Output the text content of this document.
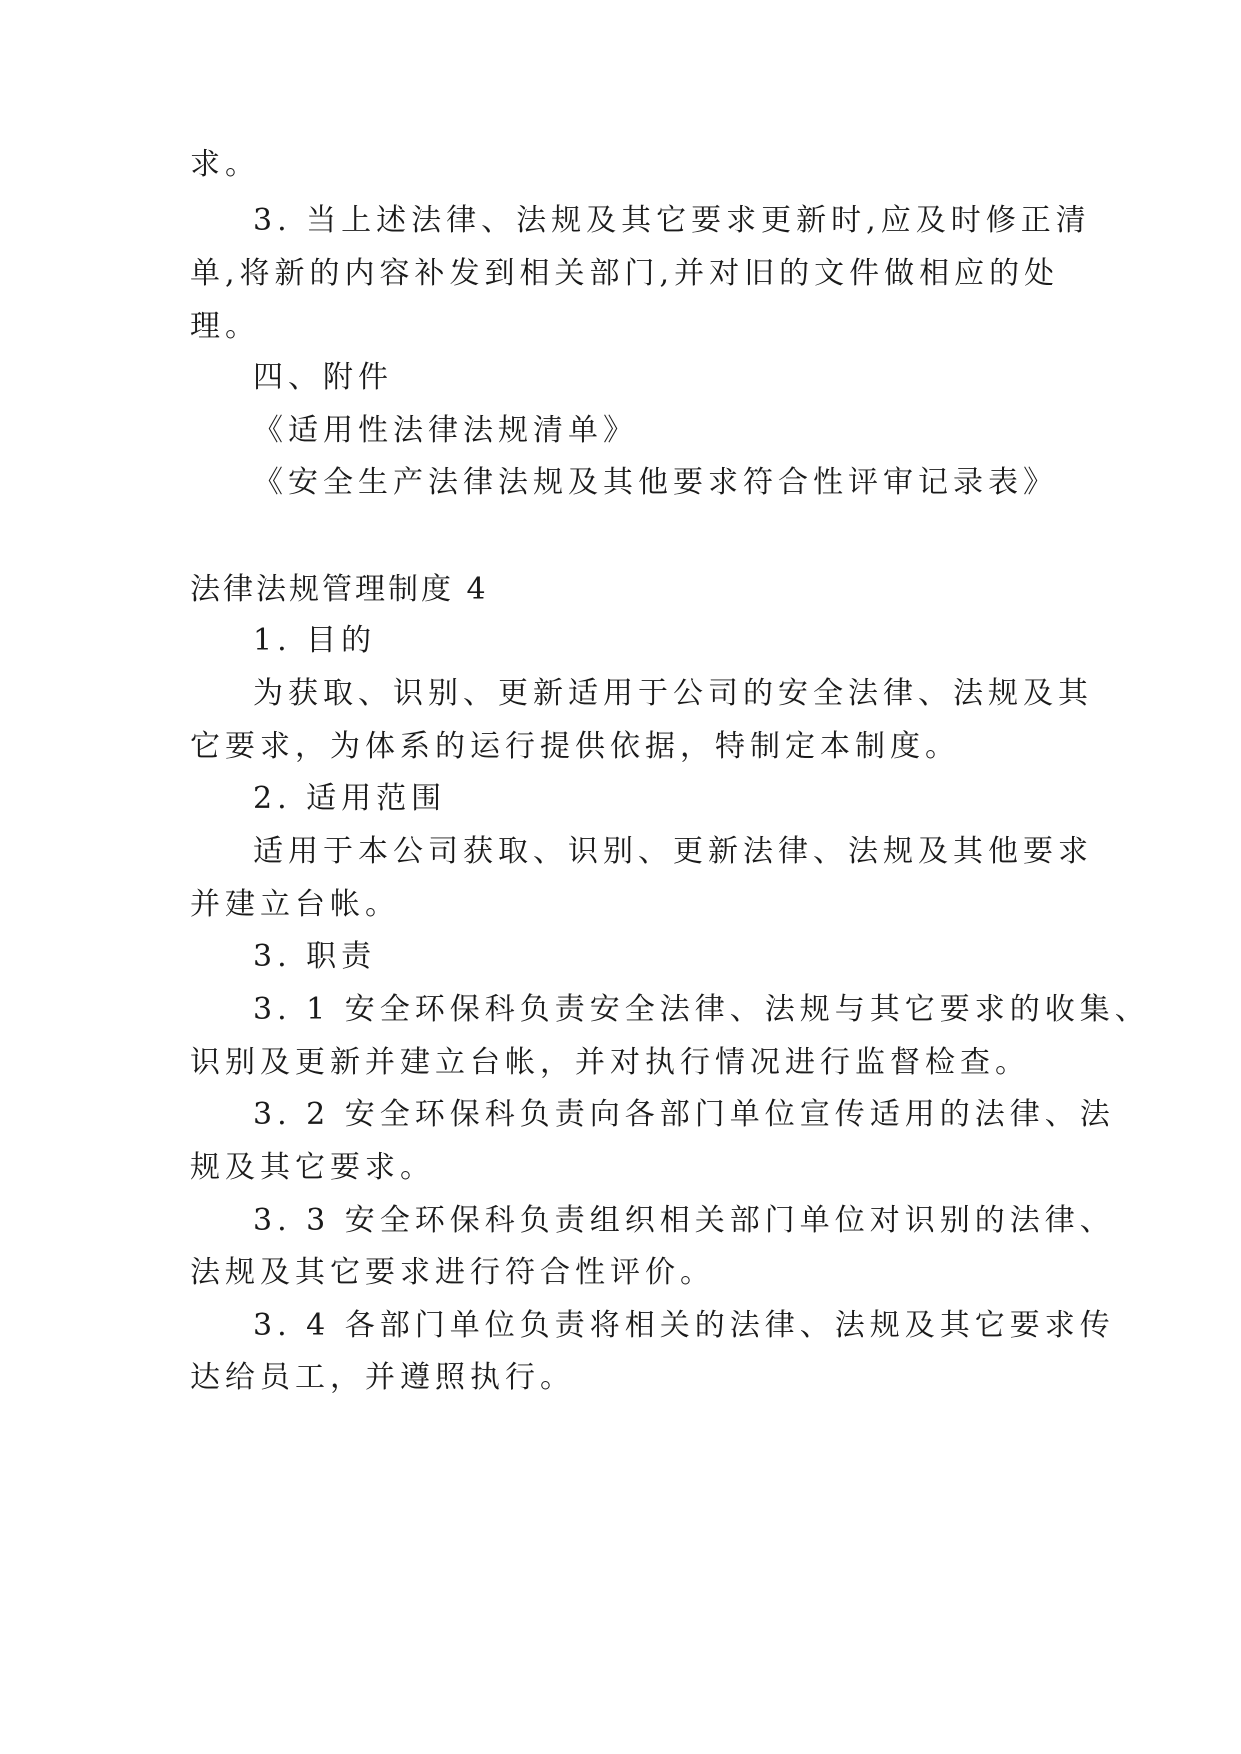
求。
3. 当上述法律、法规及其它要求更新时,应及时修正清
单,将新的内容补发到相关部门,并对旧的文件做相应的处
理。
四、附件
《适用性法律法规清单》
《安全生产法律法规及其他要求符合性评审记录表》
法律法规管理制度 4
1. 目的
为获取、识别、更新适用于公司的安全法律、法规及其
它要求，为体系的运行提供依据，特制定本制度。
2. 适用范围
适用于本公司获取、识别、更新法律、法规及其他要求
并建立台帐。
3. 职责
3. 1 安全环保科负责安全法律、法规与其它要求的收集、
识别及更新并建立台帐，并对执行情况进行监督检查。
3. 2 安全环保科负责向各部门单位宣传适用的法律、法
规及其它要求。
3. 3 安全环保科负责组织相关部门单位对识别的法律、
法规及其它要求进行符合性评价。
3. 4 各部门单位负责将相关的法律、法规及其它要求传
达给员工，并遵照执行。
